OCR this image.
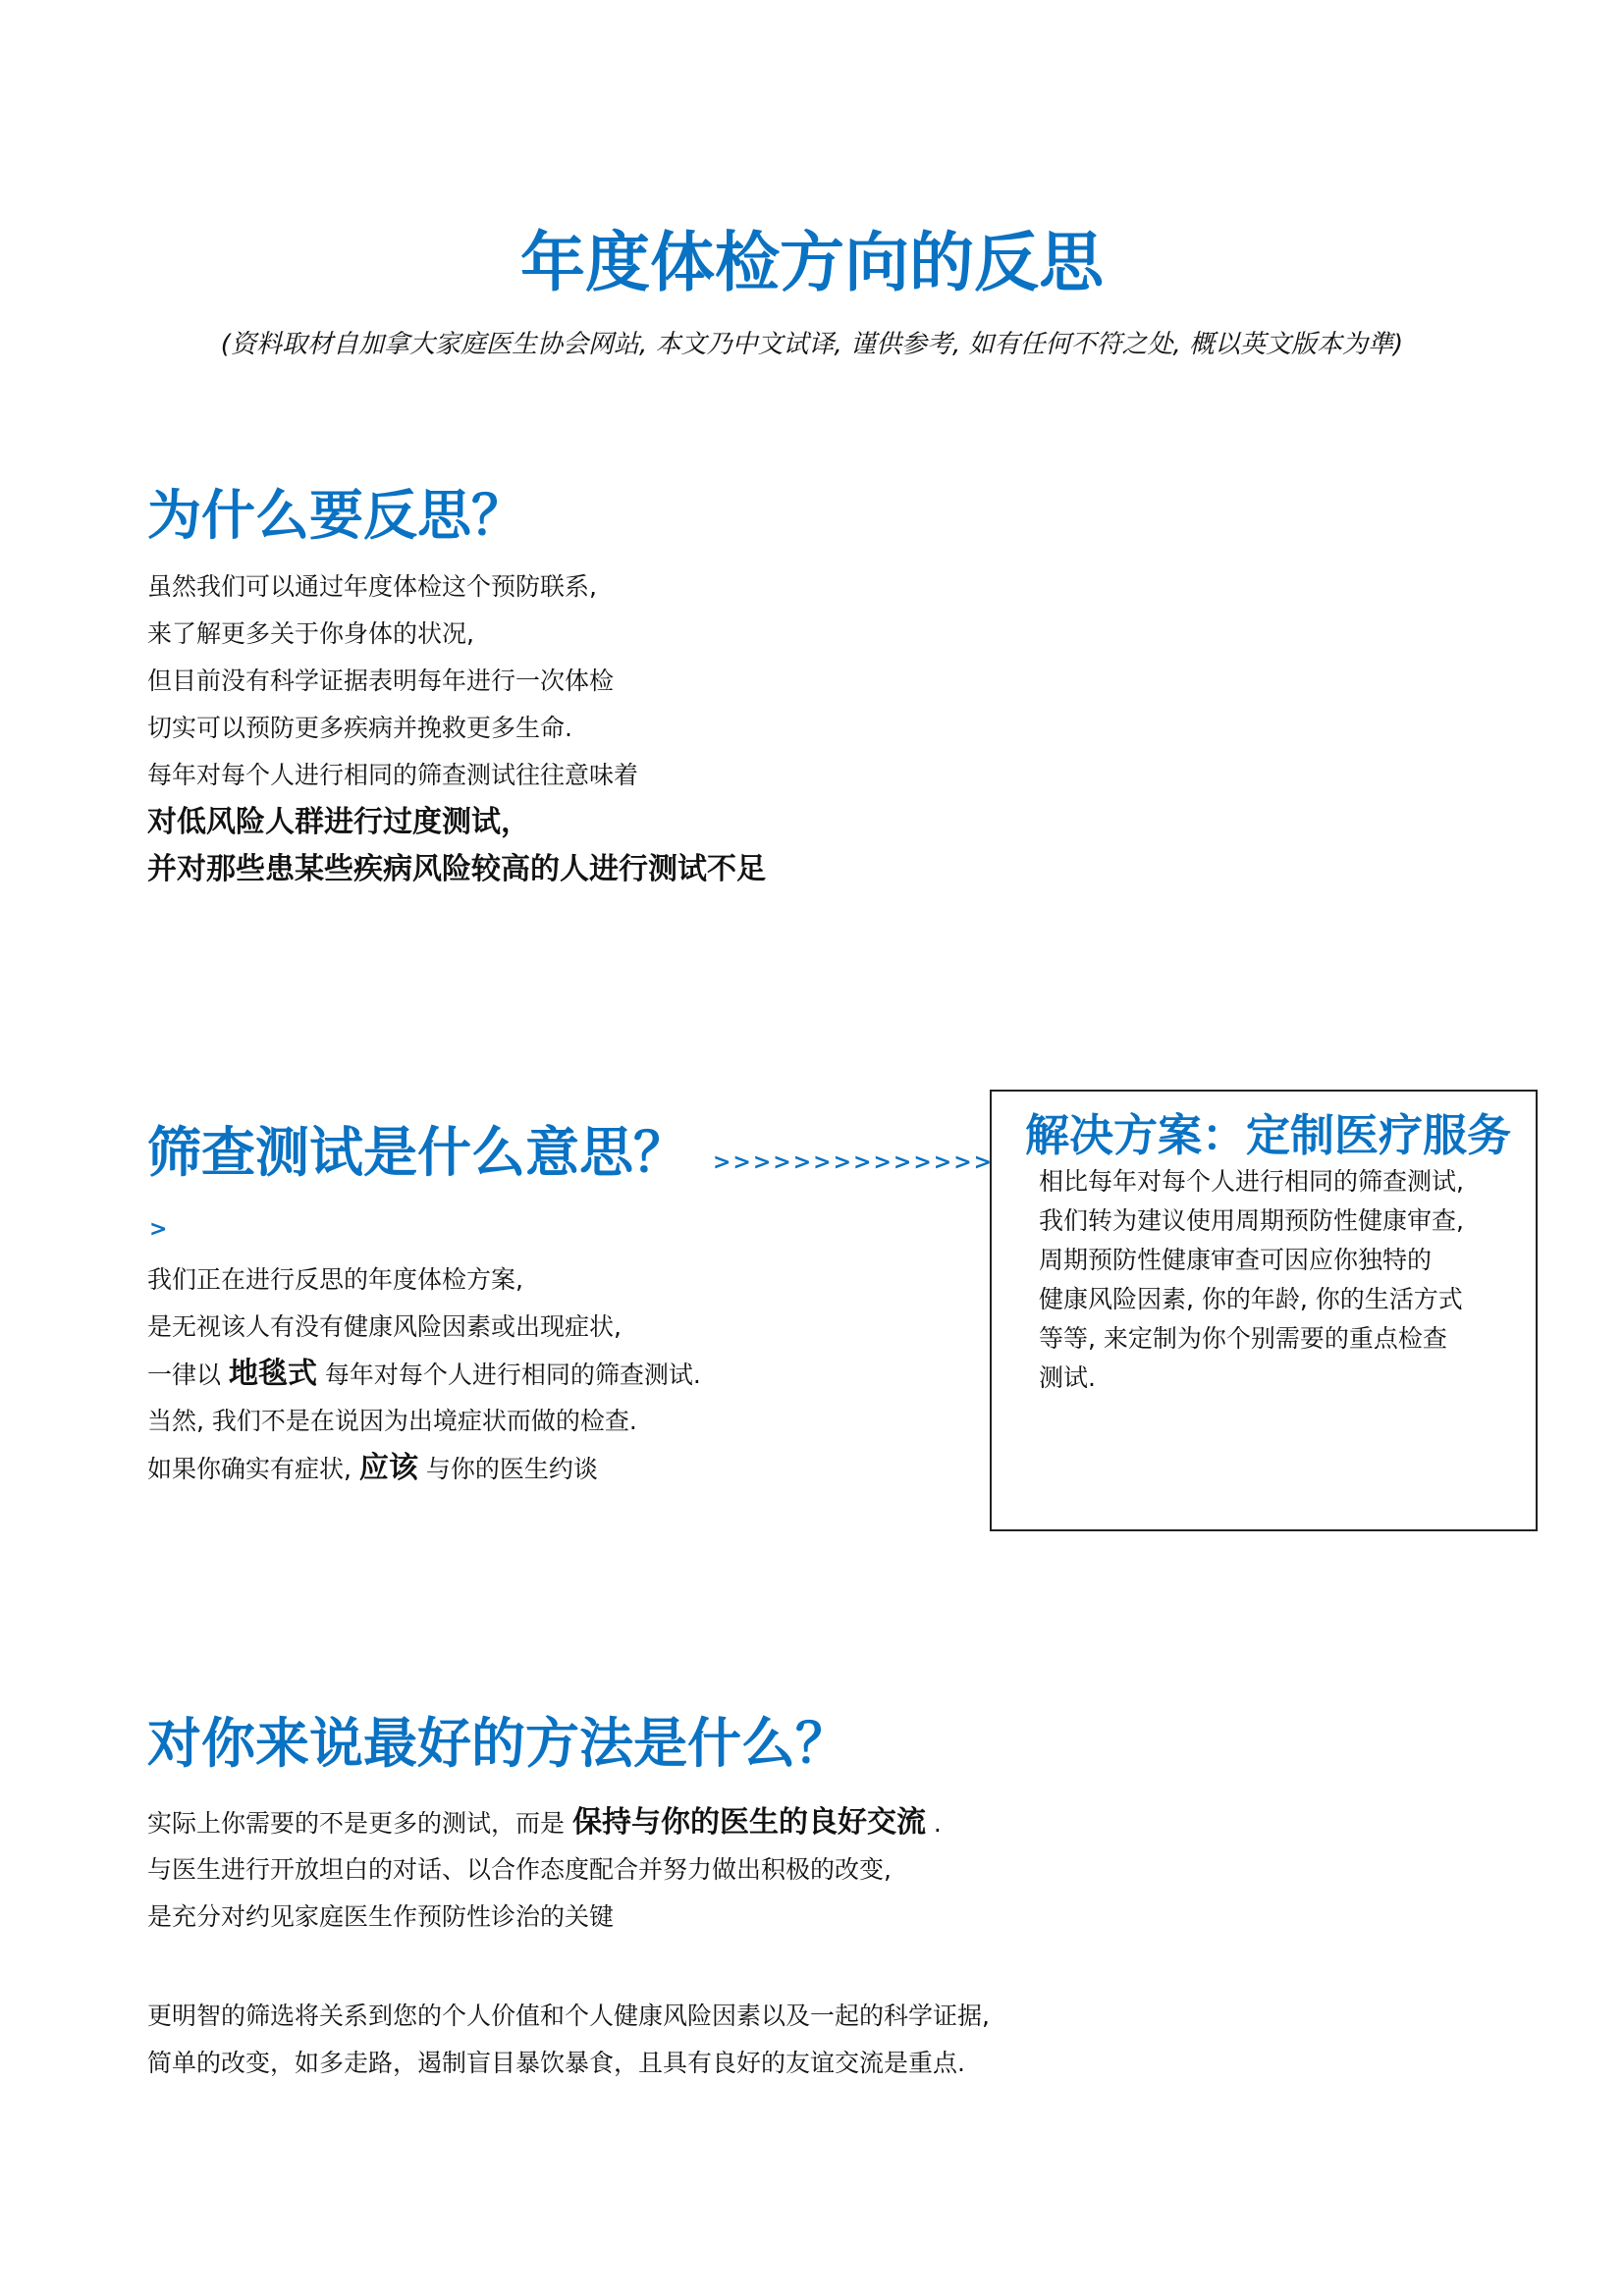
年度体检方向的反思
(资料取材自加拿大家庭医生协会网站, 本文乃中文试译, 谨供参考, 如有任何不符之处, 概以英文版本为準)
为什么要反思？
虽然我们可以通过年度体检这个预防联系,
来了解更多关于你身体的状况,
但目前没有科学证据表明每年进行一次体检
切实可以预防更多疾病并挽救更多生命.
每年对每个人进行相同的筛查测试往往意味着
对低风险人群进行过度测试，
并对那些患某些疾病风险较高的人进行测试不足
筛查测试是什么意思？ >>>>>>>>>>>>>>
>
我们正在进行反思的年度体检方案,
是无视该人有没有健康风险因素或出现症状,
一律以 地毯式 每年对每个人进行相同的筛查测试.
当然, 我们不是在说因为出境症状而做的检查.
如果你确实有症状, 应该 与你的医生约谈
解决方案：定制医疗服务
相比每年对每个人进行相同的筛查测试,
我们转为建议使用周期预防性健康审查,
周期预防性健康审查可因应你独特的
健康风险因素, 你的年龄, 你的生活方式
等等, 来定制为你个别需要的重点检查
测试.
对你来说最好的方法是什么？
实际上你需要的不是更多的测试，而是 保持与你的医生的良好交流 .
与医生进行开放坦白的对话、以合作态度配合并努力做出积极的改变,
是充分对约见家庭医生作预防性诊治的关键
更明智的筛选将关系到您的个人价值和个人健康风险因素以及一起的科学证据,
简单的改变，如多走路，遏制盲目暴饮暴食，且具有良好的友谊交流是重点.
